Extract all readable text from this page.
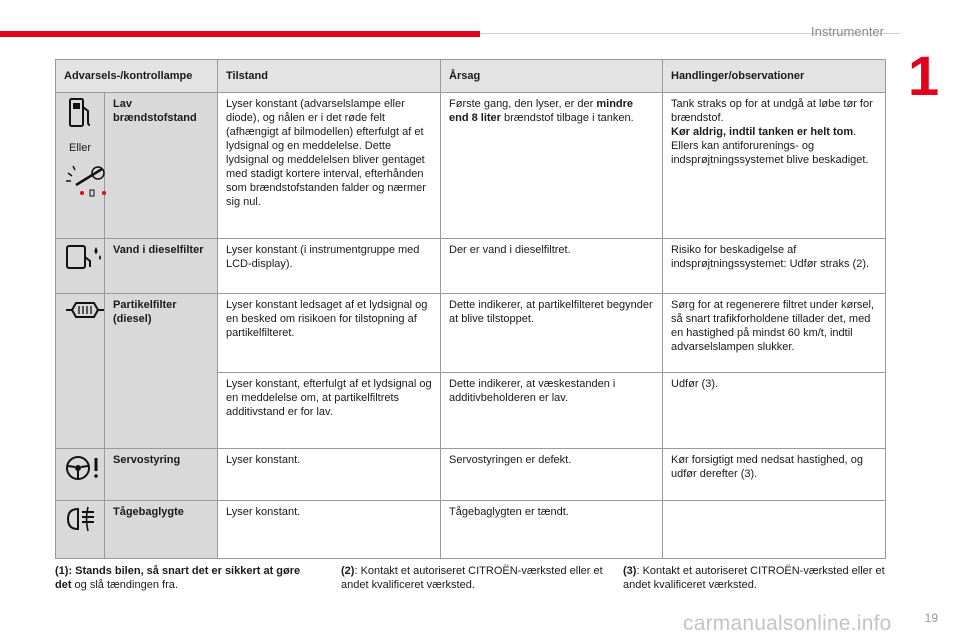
Instrumenter
1
Advarsels-/kontrollampe		Tilstand	Årsag	Handlinger/observationer

Eller	Lav brændstofstand	Lyser konstant (advarselslampe eller diode), og nålen er i det røde felt (afhængigt af bilmodellen) efterfulgt af et lydsignal og en meddelelse. Dette lydsignal og meddelelsen bliver gentaget med stadigt kortere interval, efterhånden som brændstofstanden falder og nærmer sig nul.	Første gang, den lyser, er der mindre end 8 liter brændstof tilbage i tanken.	Tank straks op for at undgå at løbe tør for brændstof.
Kør aldrig, indtil tanken er helt tom. Ellers kan antiforurenings- og indsprøjtningssystemet blive beskadiget.

	Vand i dieselfilter	Lyser konstant (i instrumentgruppe med LCD-display).	Der er vand i dieselfiltret.	Risiko for beskadigelse af indsprøjtningssystemet: Udfør straks (2).

	Partikelfilter (diesel)	Lyser konstant ledsaget af et lydsignal og en besked om risikoen for tilstopning af partikelfilteret.	Dette indikerer, at partikelfilteret begynder at blive tilstoppet.	Sørg for at regenerere filtret under kørsel, så snart trafikforholdene tillader det, med en hastighed på mindst 60 km/t, indtil advarselslampen slukker.
		Lyser konstant, efterfulgt af et lydsignal og en meddelelse om, at partikelfiltrets additivstand er for lav.	Dette indikerer, at væskestanden i additivbeholderen er lav.	Udfør (3).

	Servostyring	Lyser konstant.	Servostyringen er defekt.	Kør forsigtigt med nedsat hastighed, og udfør derefter (3).

	Tågebaglygte	Lyser konstant.	Tågebaglygten er tændt.	
(1): Stands bilen, så snart det er sikkert at gøre det og slå tændingen fra.
(2): Kontakt et autoriseret CITROËN-værksted eller et andet kvalificeret værksted.
(3): Kontakt et autoriseret CITROËN-værksted eller et andet kvalificeret værksted.
carmanualsonline.info	19
